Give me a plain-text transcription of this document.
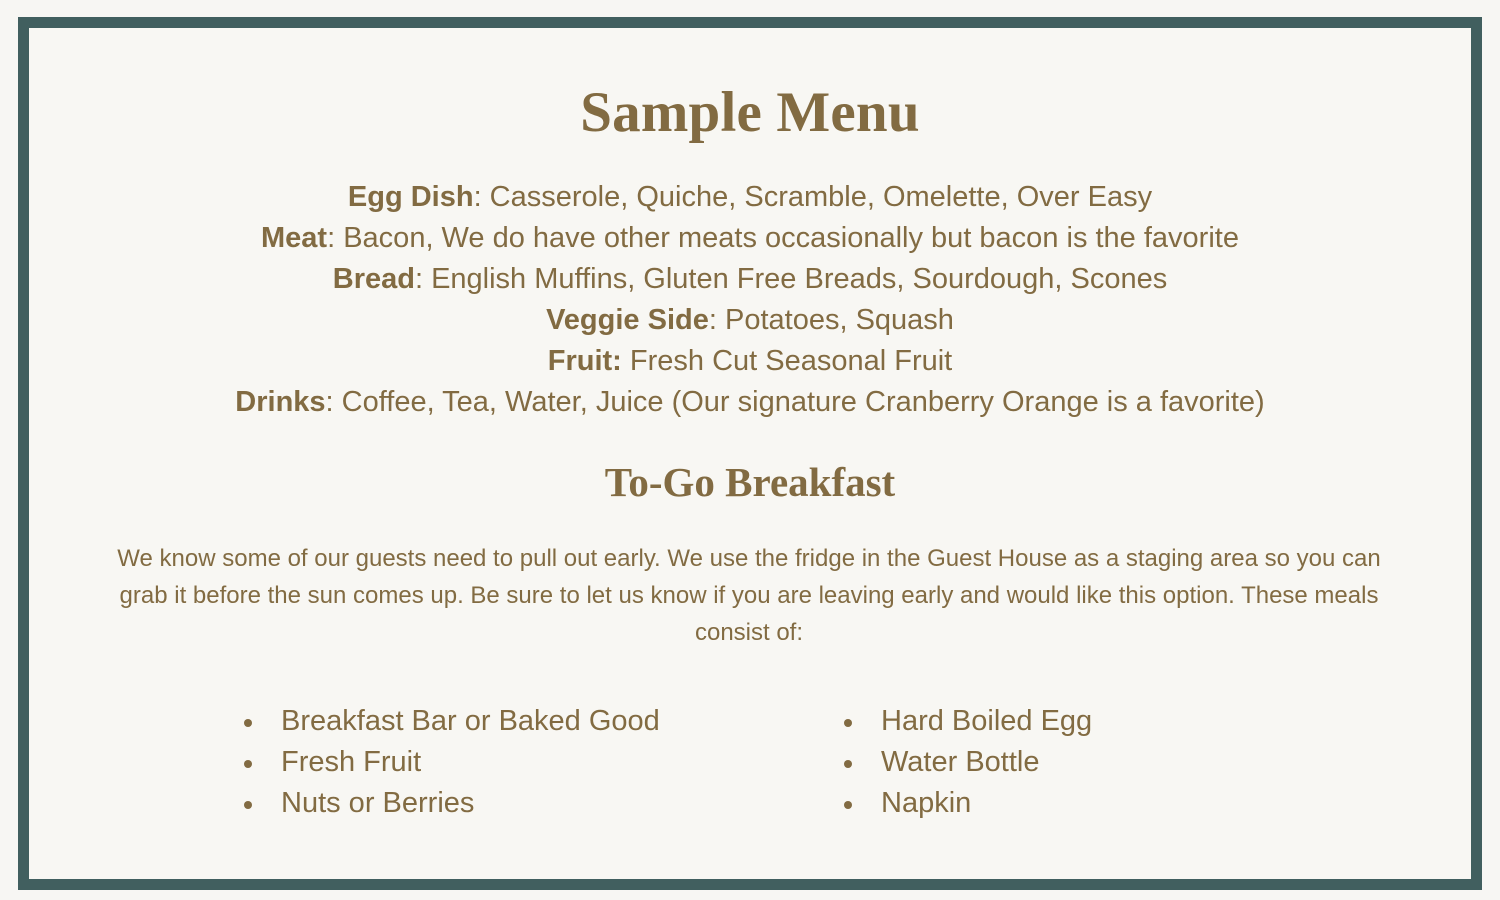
Sample Menu
Egg Dish: Casserole, Quiche, Scramble, Omelette, Over Easy
Meat: Bacon, We do have other meats occasionally but bacon is the favorite
Bread: English Muffins, Gluten Free Breads, Sourdough, Scones
Veggie Side: Potatoes, Squash
Fruit: Fresh Cut Seasonal Fruit
Drinks: Coffee, Tea, Water, Juice (Our signature Cranberry Orange is a favorite)
To-Go Breakfast

We know some of our guests need to pull out early. We use the fridge in the Guest House as a staging area so you can grab it before the sun comes up. Be sure to let us know if you are leaving early and would like this option. These meals consist of:

Breakfast Bar or Baked Good
Fresh Fruit
Nuts or Berries
Hard Boiled Egg
Water Bottle
Napkin
